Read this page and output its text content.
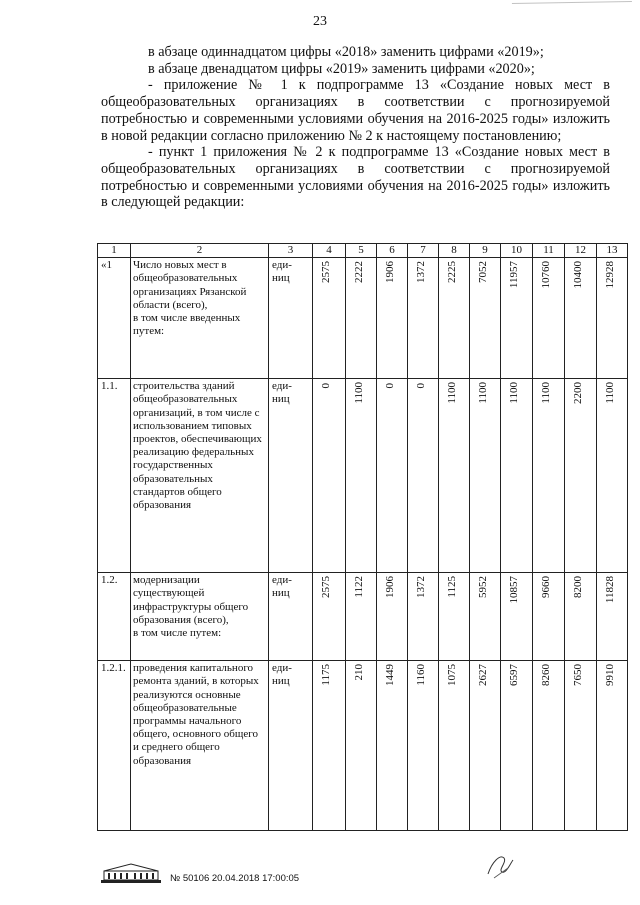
23

в абзаце одиннадцатом цифры «2018» заменить цифрами «2019»;

в абзаце двенадцатом цифры «2019» заменить цифрами «2020»;

- приложение № 1 к подпрограмме 13 «Создание новых мест в общеобразовательных организациях в соответствии с прогнозируемой потребностью и современными условиями обучения на 2016-2025 годы» изложить в новой редакции согласно приложению № 2 к настоящему постановлению;

- пункт 1 приложения № 2 к подпрограмме 13 «Создание новых мест в общеобразовательных организациях в соответствии с прогнозируемой потребностью и современными условиями обучения на 2016-2025 годы» изложить в следующей редакции:

1	2	3	4	5	6	7	8	9	10	11	12	13
«1	Число новых мест в общеобразовательных организациях Рязанской области (всего),
в том числе введенных путем:	еди-
ниц	2575	2222	1906	1372	2225	7052	11957	10760	10400	12928
1.1.	строительства зданий общеобразовательных организаций, в том числе с использованием типовых проектов, обеспечивающих реализацию федеральных государственных образовательных стандартов общего образования	еди-
ниц	0	1100	0	0	1100	1100	1100	1100	2200	1100
1.2.	модернизации существующей инфраструктуры общего образования (всего),
в том числе путем:	еди-
ниц	2575	1122	1906	1372	1125	5952	10857	9660	8200	11828
1.2.1.	проведения капитального ремонта зданий, в которых реализуются основные общеобразовательные программы начального общего, основного общего и среднего общего образования	еди-
ниц	1175	210	1449	1160	1075	2627	6597	8260	7650	9910
№ 50106 20.04.2018 17:00:05
